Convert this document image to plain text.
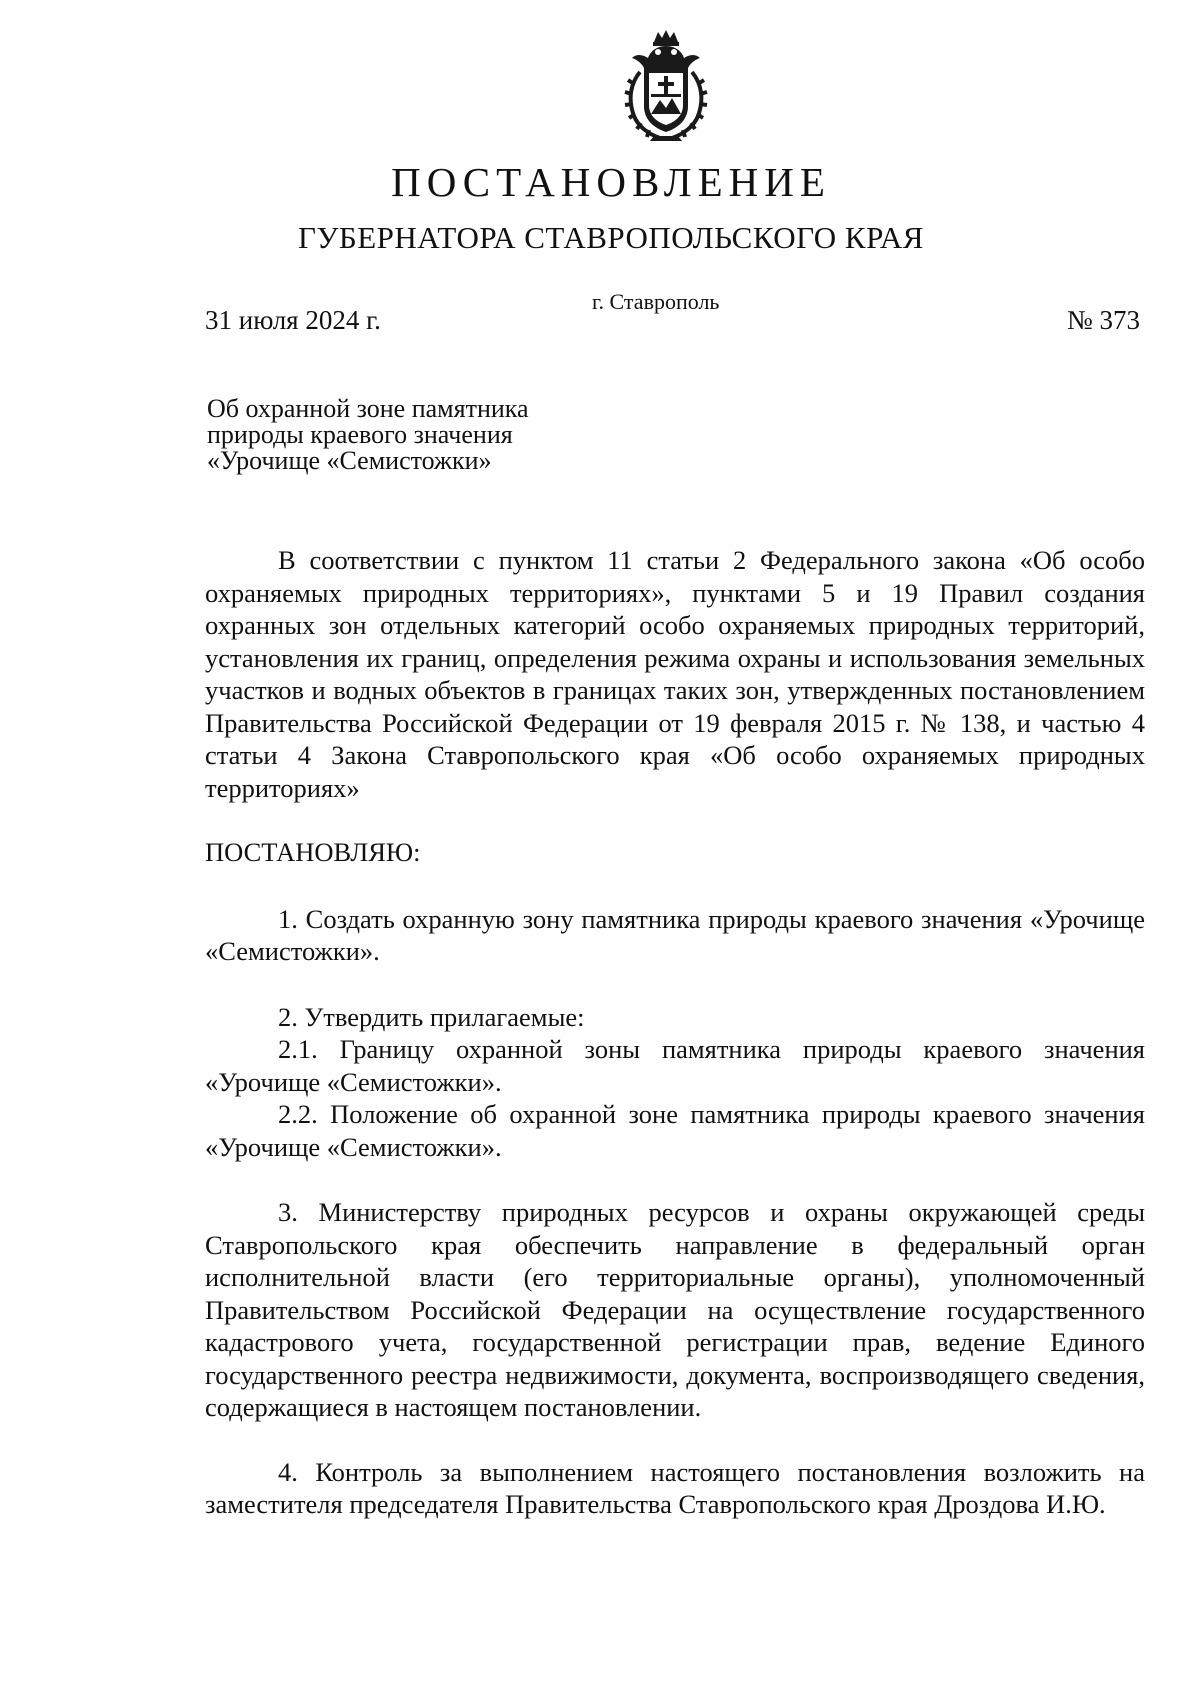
ПОСТАНОВЛЕНИЕ
ГУБЕРНАТОРА СТАВРОПОЛЬСКОГО КРАЯ
г. Ставрополь
31 июля 2024 г.	№ 373
Об охранной зоне памятника
природы краевого значения
«Урочище «Семистожки»

В соответствии с пунктом 11 статьи 2 Федерального закона «Об особо охраняемых природных территориях», пунктами 5 и 19 Правил создания охранных зон отдельных категорий особо охраняемых природных территорий, установления их границ, определения режима охраны и использования земельных участков и водных объектов в границах таких зон, утвержденных постановлением Правительства Российской Федерации от 19 февраля 2015 г. № 138, и частью 4 статьи 4 Закона Ставропольского края «Об особо охраняемых природных территориях»

ПОСТАНОВЛЯЮ:

1. Создать охранную зону памятника природы краевого значения «Урочище «Семистожки».

2. Утвердить прилагаемые:

2.1. Границу охранной зоны памятника природы краевого значения «Урочище «Семистожки».

2.2. Положение об охранной зоне памятника природы краевого значения «Урочище «Семистожки».

3. Министерству природных ресурсов и охраны окружающей среды Ставропольского края обеспечить направление в федеральный орган исполнительной власти (его территориальные органы), уполномоченный Правительством Российской Федерации на осуществление государственного кадастрового учета, государственной регистрации прав, ведение Единого государственного реестра недвижимости, документа, воспроизводящего сведения, содержащиеся в настоящем постановлении.

4. Контроль за выполнением настоящего постановления возложить на заместителя председателя Правительства Ставропольского края Дроздова И.Ю.
